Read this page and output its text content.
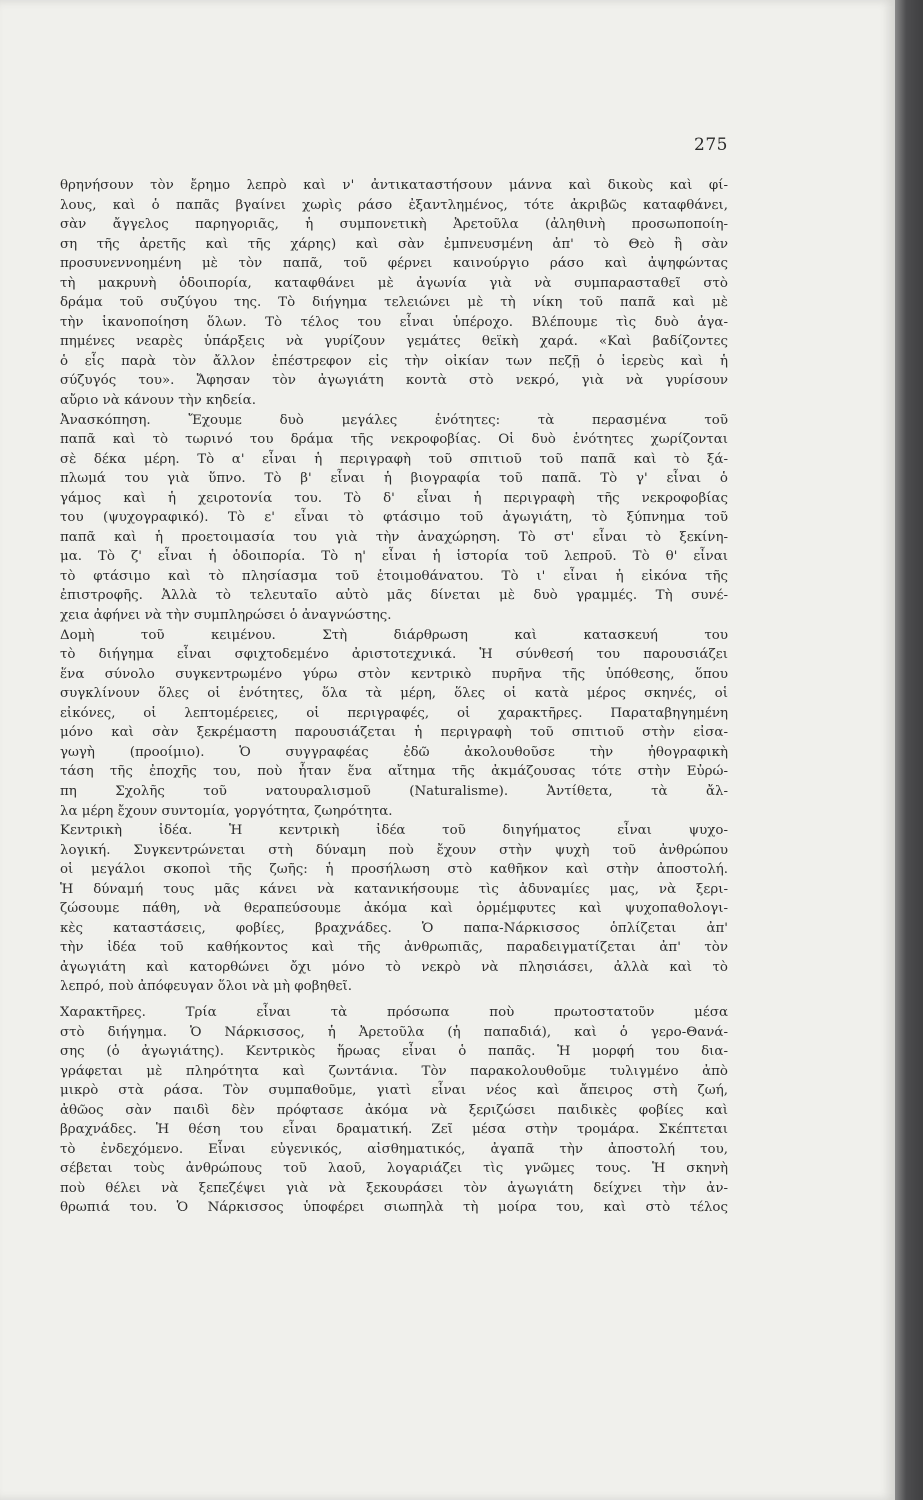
275
θρηνήσουν τὸν ἔρημο λεπρὸ καὶ ν' ἀντικαταστήσουν μάννα καὶ δικοὺς καὶ φί-
λους, καὶ ὁ παπᾶς βγαίνει χωρὶς ράσο ἐξαντλημένος, τότε ἀκριβῶς καταφθάνει,
σὰν ἄγγελος παρηγοριᾶς, ἡ συμπονετικὴ Ἀρετοῦλα (ἀληθινὴ προσωποποίη-
ση τῆς ἀρετῆς καὶ τῆς χάρης) καὶ σὰν ἐμπνευσμένη ἀπ' τὸ Θεὸ ἢ σὰν
προσυνεννοημένη μὲ τὸν παπᾶ, τοῦ φέρνει καινούργιο ράσο καὶ ἀψηφώντας
τὴ μακρυνὴ ὁδοιπορία, καταφθάνει μὲ ἀγωνία γιὰ νὰ συμπαρασταθεῖ στὸ
δράμα τοῦ συζύγου της. Τὸ διήγημα τελειώνει μὲ τὴ νίκη τοῦ παπᾶ καὶ μὲ
τὴν ἱκανοποίηση ὅλων. Τὸ τέλος του εἶναι ὑπέροχο. Βλέπουμε τὶς δυὸ ἀγα-
πημένες νεαρὲς ὑπάρξεις νὰ γυρίζουν γεμάτες θεϊκὴ χαρά. «Καὶ βαδίζοντες
ὁ εἷς παρὰ τὸν ἄλλον ἐπέστρεφον εἰς τὴν οἰκίαν των πεζῇ ὁ ἱερεὺς καὶ ἡ
σύζυγός του». Ἄφησαν τὸν ἀγωγιάτη κοντὰ στὸ νεκρό, γιὰ νὰ γυρίσουν
αὔριο νὰ κάνουν τὴν κηδεία.
Ἀνασκόπηση. Ἔχουμε δυὸ μεγάλες ἑνότητες: τὰ περασμένα τοῦ
παπᾶ καὶ τὸ τωρινό του δράμα τῆς νεκροφοβίας. Οἱ δυὸ ἑνότητες χωρίζονται
σὲ δέκα μέρη. Τὸ α' εἶναι ἡ περιγραφὴ τοῦ σπιτιοῦ τοῦ παπᾶ καὶ τὸ ξά-
πλωμά του γιὰ ὕπνο. Τὸ β' εἶναι ἡ βιογραφία τοῦ παπᾶ. Τὸ γ' εἶναι ὁ
γάμος καὶ ἡ χειροτονία του. Τὸ δ' εἶναι ἡ περιγραφὴ τῆς νεκροφοβίας
του (ψυχογραφικό). Τὸ ε' εἶναι τὸ φτάσιμο τοῦ ἀγωγιάτη, τὸ ξύπνημα τοῦ
παπᾶ καὶ ἡ προετοιμασία του γιὰ τὴν ἀναχώρηση. Τὸ στ' εἶναι τὸ ξεκίνη-
μα. Τὸ ζ' εἶναι ἡ ὁδοιπορία. Τὸ η' εἶναι ἡ ἱστορία τοῦ λεπροῦ. Τὸ θ' εἶναι
τὸ φτάσιμο καὶ τὸ πλησίασμα τοῦ ἑτοιμοθάνατου. Τὸ ι' εἶναι ἡ εἰκόνα τῆς
ἐπιστροφῆς. Ἀλλὰ τὸ τελευταῖο αὐτὸ μᾶς δίνεται μὲ δυὸ γραμμές. Τὴ συνέ-
χεια ἀφήνει νὰ τὴν συμπληρώσει ὁ ἀναγνώστης.
Δομὴ τοῦ κειμένου. Στὴ διάρθρωση καὶ κατασκευή του
τὸ διήγημα εἶναι σφιχτοδεμένο ἀριστοτεχνικά. Ἡ σύνθεσή του παρουσιάζει
ἕνα σύνολο συγκεντρωμένο γύρω στὸν κεντρικὸ πυρῆνα τῆς ὑπόθεσης, ὅπου
συγκλίνουν ὅλες οἱ ἑνότητες, ὅλα τὰ μέρη, ὅλες οἱ κατὰ μέρος σκηνές, οἱ
εἰκόνες, οἱ λεπτομέρειες, οἱ περιγραφές, οἱ χαρακτῆρες. Παραταβηγημένη
μόνο καὶ σὰν ξεκρέμαστη παρουσιάζεται ἡ περιγραφὴ τοῦ σπιτιοῦ στὴν εἰσα-
γωγὴ (προοίμιο). Ὁ συγγραφέας ἐδῶ ἀκολουθοῦσε τὴν ἠθογραφικὴ
τάση τῆς ἐποχῆς του, ποὺ ἦταν ἕνα αἴτημα τῆς ἀκμάζουσας τότε στὴν Εὐρώ-
πη Σχολῆς τοῦ νατουραλισμοῦ (Naturalisme). Ἀντίθετα, τὰ ἄλ-
λα μέρη ἔχουν συντομία, γοργότητα, ζωηρότητα.
Κεντρικὴ ἰδέα. Ἡ κεντρικὴ ἰδέα τοῦ διηγήματος εἶναι ψυχο-
λογική. Συγκεντρώνεται στὴ δύναμη ποὺ ἔχουν στὴν ψυχὴ τοῦ ἀνθρώπου
οἱ μεγάλοι σκοποὶ τῆς ζωῆς: ἡ προσήλωση στὸ καθῆκον καὶ στὴν ἀποστολή.
Ἡ δύναμή τους μᾶς κάνει νὰ κατανικήσουμε τὶς ἀδυναμίες μας, νὰ ξερι-
ζώσουμε πάθη, νὰ θεραπεύσουμε ἀκόμα καὶ ὁρμέμφυτες καὶ ψυχοπαθολογι-
κὲς καταστάσεις, φοβίες, βραχνάδες. Ὁ παπα-Νάρκισσος ὁπλίζεται ἀπ'
τὴν ἰδέα τοῦ καθήκοντος καὶ τῆς ἀνθρωπιᾶς, παραδειγματίζεται ἀπ' τὸν
ἀγωγιάτη καὶ κατορθώνει ὄχι μόνο τὸ νεκρὸ νὰ πλησιάσει, ἀλλὰ καὶ τὸ
λεπρό, ποὺ ἀπόφευγαν ὅλοι νὰ μὴ φοβηθεῖ.
Χαρακτῆρες. Τρία εἶναι τὰ πρόσωπα ποὺ πρωτοστατοῦν μέσα
στὸ διήγημα. Ὁ Νάρκισσος, ἡ Ἀρετοῦλα (ἡ παπαδιά), καὶ ὁ γερο-Θανά-
σης (ὁ ἀγωγιάτης). Κεντρικὸς ἥρωας εἶναι ὁ παπᾶς. Ἡ μορφή του δια-
γράφεται μὲ πληρότητα καὶ ζωντάνια. Τὸν παρακολουθοῦμε τυλιγμένο ἀπὸ
μικρὸ στὰ ράσα. Τὸν συμπαθοῦμε, γιατὶ εἶναι νέος καὶ ἄπειρος στὴ ζωή,
ἀθῶος σὰν παιδὶ δὲν πρόφτασε ἀκόμα νὰ ξεριζώσει παιδικὲς φοβίες καὶ
βραχνάδες. Ἡ θέση του εἶναι δραματική. Ζεῖ μέσα στὴν τρομάρα. Σκέπτεται
τὸ ἐνδεχόμενο. Εἶναι εὐγενικός, αἰσθηματικός, ἀγαπᾶ τὴν ἀποστολή του,
σέβεται τοὺς ἀνθρώπους τοῦ λαοῦ, λογαριάζει τὶς γνῶμες τους. Ἡ σκηνὴ
ποὺ θέλει νὰ ξεπεζέψει γιὰ νὰ ξεκουράσει τὸν ἀγωγιάτη δείχνει τὴν ἀν-
θρωπιά του. Ὁ Νάρκισσος ὑποφέρει σιωπηλὰ τὴ μοίρα του, καὶ στὸ τέλος
